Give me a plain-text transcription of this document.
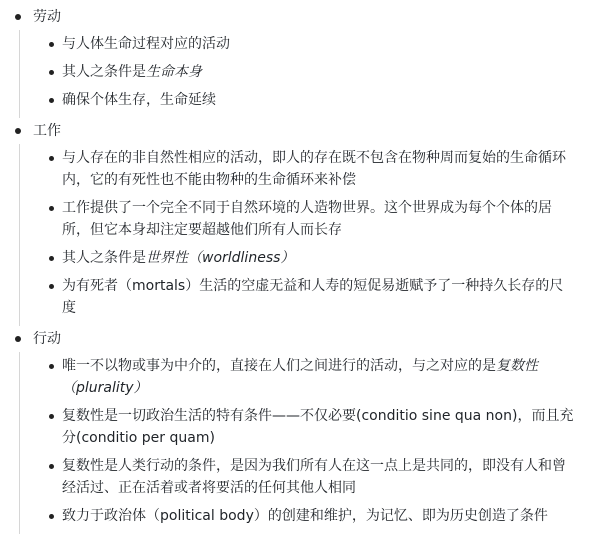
劳动
与人体生命过程对应的活动
其人之条件是生命本身
确保个体生存，生命延续
工作
与人存在的非自然性相应的活动，即人的存在既不包含在物种周而复始的生命循环内，它的有死性也不能由物种的生命循环来补偿
工作提供了一个完全不同于自然环境的人造物世界。这个世界成为每个个体的居所，但它本身却注定要超越他们所有人而长存
其人之条件是世界性（worldliness）
为有死者（mortals）生活的空虚无益和人寿的短促易逝赋予了一种持久长存的尺度
行动
唯一不以物或事为中介的，直接在人们之间进行的活动，与之对应的是复数性（plurality）
复数性是一切政治生活的特有条件——不仅必要(conditio sine qua non)，而且充分(conditio per quam)
复数性是人类行动的条件，是因为我们所有人在这一点上是共同的，即没有人和曾经活过、正在活着或者将要活的任何其他人相同
致力于政治体（political body）的创建和维护，为记忆、即为历史创造了条件
